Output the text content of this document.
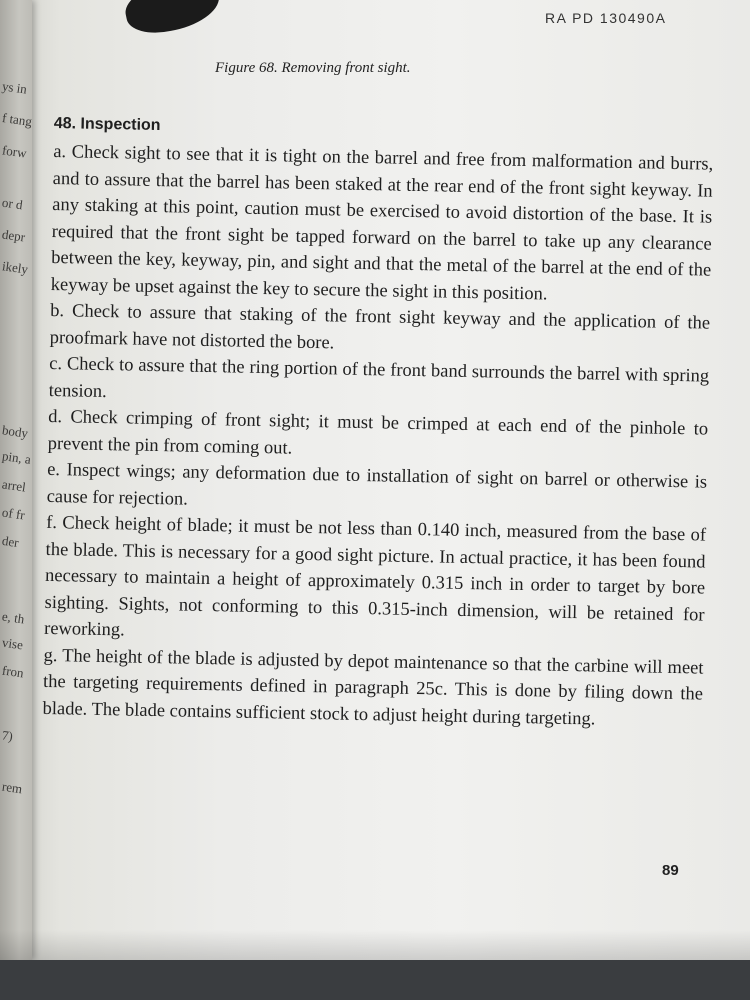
ys in
f tang
forw
or d
depr
ikely
body
pin, a
arrel
of fr
der
e, th
vise
fron
7)
rem
RA PD 130490A
Figure 68. Removing front sight.
48. Inspection

a. Check sight to see that it is tight on the barrel and free from malformation and burrs, and to assure that the barrel has been staked at the rear end of the front sight keyway. In any staking at this point, caution must be exercised to avoid distortion of the base. It is required that the front sight be tapped forward on the barrel to take up any clearance between the key, keyway, pin, and sight and that the metal of the barrel at the end of the keyway be upset against the key to secure the sight in this position.

b. Check to assure that staking of the front sight keyway and the application of the proofmark have not distorted the bore.

c. Check to assure that the ring portion of the front band surrounds the barrel with spring tension.

d. Check crimping of front sight; it must be crimped at each end of the pinhole to prevent the pin from coming out.

e. Inspect wings; any deformation due to installation of sight on barrel or otherwise is cause for rejection.

f. Check height of blade; it must be not less than 0.140 inch, measured from the base of the blade. This is necessary for a good sight picture. In actual practice, it has been found necessary to maintain a height of approximately 0.315 inch in order to target by bore sighting. Sights, not conforming to this 0.315-inch dimension, will be retained for reworking.

g. The height of the blade is adjusted by depot maintenance so that the carbine will meet the targeting requirements defined in paragraph 25c. This is done by filing down the blade. The blade contains sufficient stock to adjust height during targeting.

89
